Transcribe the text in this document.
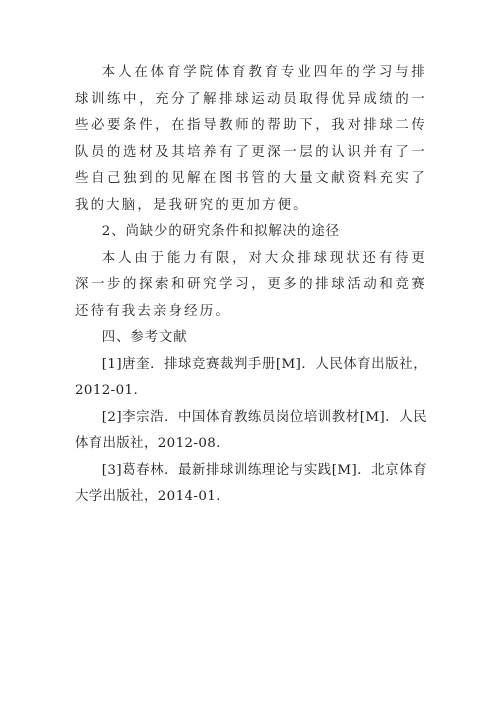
本人在体育学院体育教育专业四年的学习与排球训练中，充分了解排球运动员取得优异成绩的一些必要条件，在指导教师的帮助下，我对排球二传队员的选材及其培养有了更深一层的认识并有了一些自己独到的见解在图书管的大量文献资料充实了我的大脑，是我研究的更加方便。

2、尚缺少的研究条件和拟解决的途径

本人由于能力有限，对大众排球现状还有待更深一步的探索和研究学习，更多的排球活动和竞赛还待有我去亲身经历。

四、参考文献

[1]唐奎．排球竞赛裁判手册[M]．人民体育出版社，2012-01.

[2]李宗浩．中国体育教练员岗位培训教材[M]．人民体育出版社，2012-08.

[3]葛春林．最新排球训练理论与实践[M]．北京体育大学出版社，2014-01.
